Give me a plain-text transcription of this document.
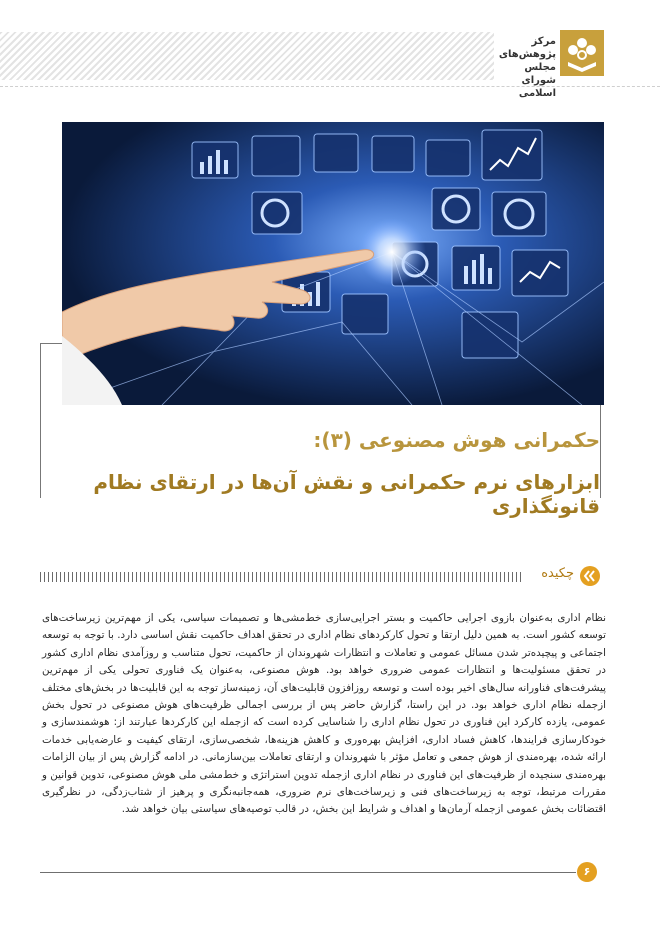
مرکز پژوهش‌های مجلس شورای اسلامی
حکمرانی هوش مصنوعی (۳):
ابزارهای نرم حکمرانی و نقش آن‌ها در ارتقای نظام قانونگذاری
چکیده

نظام اداری به‌عنوان بازوی اجرایی حاکمیت و بستر اجرایی‌سازی خط‌مشی‌ها و تصمیمات سیاسی، یکی از مهم‌ترین زیرساخت‌های توسعه کشور است. به همین دلیل ارتقا و تحول کارکردهای نظام اداری در تحقق اهداف حاکمیت نقش اساسی دارد. با توجه به توسعه اجتماعی و پیچیده‌تر شدن مسائل عمومی و تعاملات و انتظارات شهروندان از حاکمیت، تحول متناسب و روزآمدی نظام اداری کشور در تحقق مسئولیت‌ها و انتظارات عمومی ضروری خواهد بود. هوش مصنوعی، به‌عنوان یک فناوری تحولی یکی از مهم‌ترین پیشرفت‌های فناورانه سال‌های اخیر بوده است و توسعه روزافزون قابلیت‌های آن، زمینه‌ساز توجه به این قابلیت‌ها در بخش‌های مختلف ازجمله نظام اداری خواهد بود. در این راستا، گزارش حاضر پس از بررسی اجمالی ظرفیت‌های هوش مصنوعی در تحول بخش عمومی، یازده کارکرد این فناوری در تحول نظام اداری را شناسایی کرده است که ازجمله این کارکردها عبارتند از: هوشمندسازی و خودکارسازی فرایندها، کاهش فساد اداری، افزایش بهره‌وری و کاهش هزینه‌ها، شخصی‌سازی، ارتقای کیفیت و عارضه‌یابی خدمات ارائه شده، بهره‌مندی از هوش جمعی و تعامل مؤثر با شهروندان و ارتقای تعاملات بین‌سازمانی. در ادامه گزارش پس از بیان الزامات بهره‌مندی سنجیده از ظرفیت‌های این فناوری در نظام اداری ازجمله تدوین استراتژی و خط‌مشی ملی هوش مصنوعی، تدوین قوانین و مقررات مرتبط، توجه به زیرساخت‌های فنی و زیرساخت‌های نرم ضروری، همه‌جانبه‌نگری و پرهیز از شتاب‌زدگی، در نظرگیری اقتضائات بخش عمومی ازجمله آرمان‌ها و اهداف و شرایط این بخش، در قالب توصیه‌های سیاستی بیان خواهد شد.

۶
